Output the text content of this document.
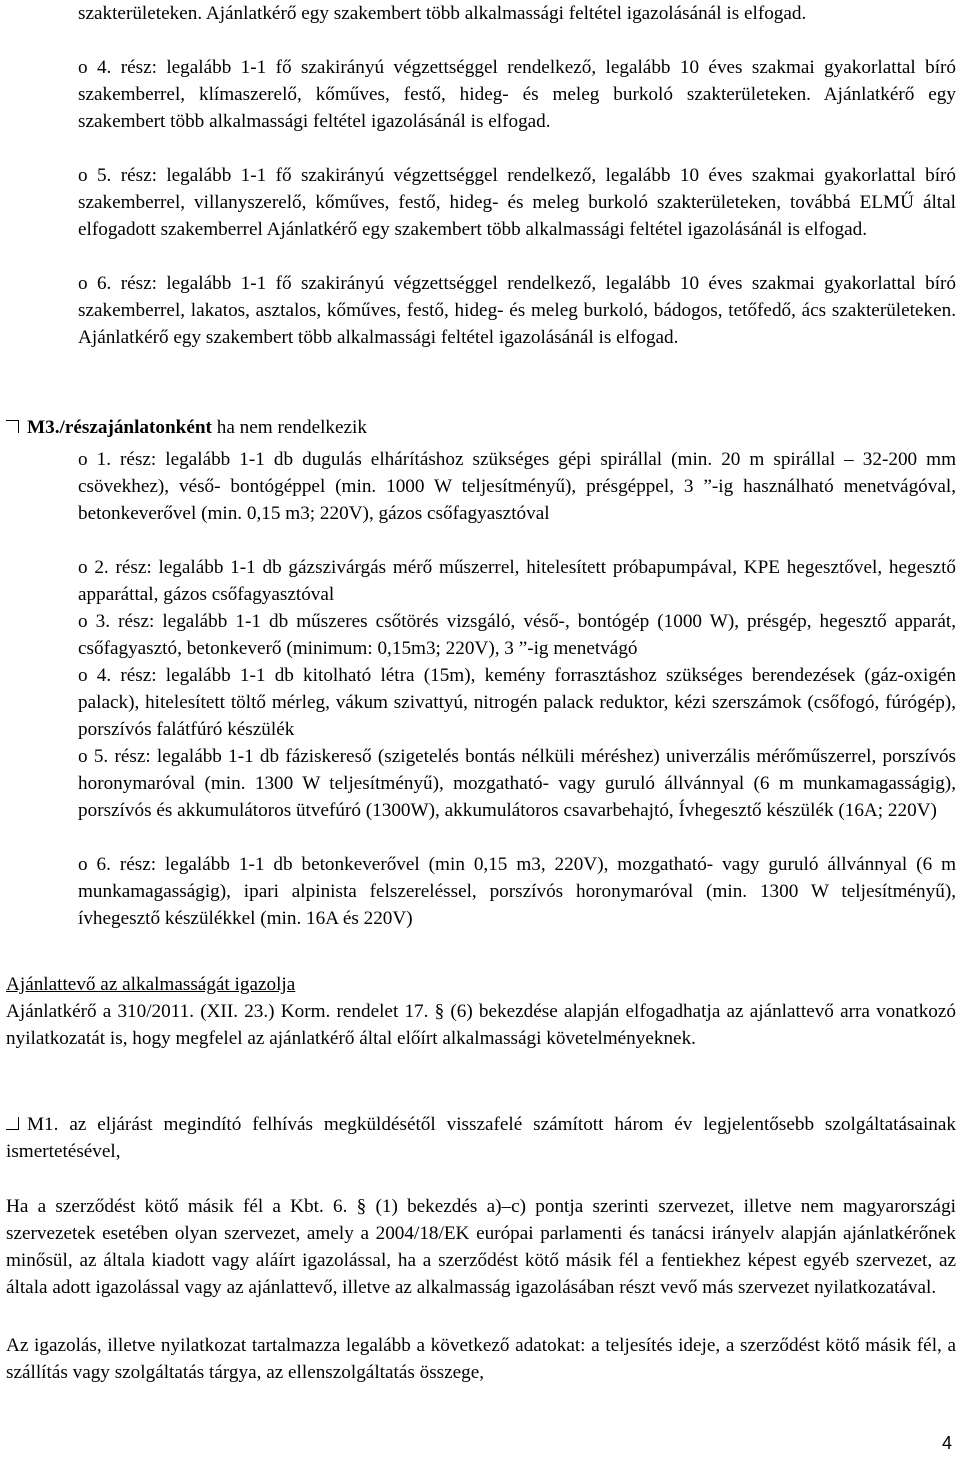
szakterületeken. Ajánlatkérő egy szakembert több alkalmassági feltétel igazolásánál is elfogad.

o 4. rész: legalább 1-1 fő szakirányú végzettséggel rendelkező, legalább 10 éves szakmai gyakorlattal bíró szakemberrel, klímaszerelő, kőműves, festő, hideg- és meleg burkoló szakterületeken. Ajánlatkérő egy szakembert több alkalmassági feltétel igazolásánál is elfogad.

o 5. rész: legalább 1-1 fő szakirányú végzettséggel rendelkező, legalább 10 éves szakmai gyakorlattal bíró szakemberrel, villanyszerelő, kőműves, festő, hideg- és meleg burkoló szakterületeken, továbbá ELMŰ által elfogadott szakemberrel Ajánlatkérő egy szakembert több alkalmassági feltétel igazolásánál is elfogad.

o 6. rész: legalább 1-1 fő szakirányú végzettséggel rendelkező, legalább 10 éves szakmai gyakorlattal bíró szakemberrel, lakatos, asztalos, kőműves, festő, hideg- és meleg burkoló, bádogos, tetőfedő, ács szakterületeken. Ajánlatkérő egy szakembert több alkalmassági feltétel igazolásánál is elfogad.

M3./részajánlatonként ha nem rendelkezik

o 1. rész: legalább 1-1 db dugulás elhárításhoz szükséges gépi spirállal (min. 20 m spirállal – 32-200 mm csövekhez), véső- bontógéppel (min. 1000 W teljesítményű), présgéppel, 3 ”-ig használható menetvágóval, betonkeverővel (min. 0,15 m3; 220V), gázos csőfagyasztóval

o 2. rész: legalább 1-1 db gázszivárgás mérő műszerrel, hitelesített próbapumpával, KPE hegesztővel, hegesztő apparáttal, gázos csőfagyasztóval

o 3. rész: legalább 1-1 db műszeres csőtörés vizsgáló, véső-, bontógép (1000 W), présgép, hegesztő apparát, csőfagyasztó, betonkeverő (minimum: 0,15m3; 220V), 3 ”-ig menetvágó

o 4. rész: legalább 1-1 db kitolható létra (15m), kemény forrasztáshoz szükséges berendezések (gáz-oxigén palack), hitelesített töltő mérleg, vákum szivattyú, nitrogén palack reduktor, kézi szerszámok (csőfogó, fúrógép), porszívós falátfúró készülék

o 5. rész: legalább 1-1 db fáziskereső (szigetelés bontás nélküli méréshez) univerzális mérőműszerrel, porszívós horonymaróval (min. 1300 W teljesítményű), mozgatható- vagy guruló állvánnyal (6 m munkamagasságig), porszívós és akkumulátoros ütvefúró (1300W), akkumulátoros csavarbehajtó, Ívhegesztő készülék (16A; 220V)

o 6. rész: legalább 1-1 db betonkeverővel (min 0,15 m3, 220V), mozgatható- vagy guruló állvánnyal (6 m munkamagasságig), ipari alpinista felszereléssel, porszívós horonymaróval (min. 1300 W teljesítményű), ívhegesztő készülékkel (min. 16A és 220V)

Ajánlattevő az alkalmasságát igazolja

Ajánlatkérő a 310/2011. (XII. 23.) Korm. rendelet 17. § (6) bekezdése alapján elfogadhatja az ajánlattevő arra vonatkozó nyilatkozatát is, hogy megfelel az ajánlatkérő által előírt alkalmassági követelményeknek.

M1. az eljárást megindító felhívás megküldésétől visszafelé számított három év legjelentősebb szolgáltatásainak ismertetésével,

Ha a szerződést kötő másik fél a Kbt. 6. § (1) bekezdés a)–c) pontja szerinti szervezet, illetve nem magyarországi szervezetek esetében olyan szervezet, amely a 2004/18/EK európai parlamenti és tanácsi irányelv alapján ajánlatkérőnek minősül, az általa kiadott vagy aláírt igazolással, ha a szerződést kötő másik fél a fentiekhez képest egyéb szervezet, az általa adott igazolással vagy az ajánlattevő, illetve az alkalmasság igazolásában részt vevő más szervezet nyilatkozatával.

Az igazolás, illetve nyilatkozat tartalmazza legalább a következő adatokat: a teljesítés ideje, a szerződést kötő másik fél, a szállítás vagy szolgáltatás tárgya, az ellenszolgáltatás összege,

4
